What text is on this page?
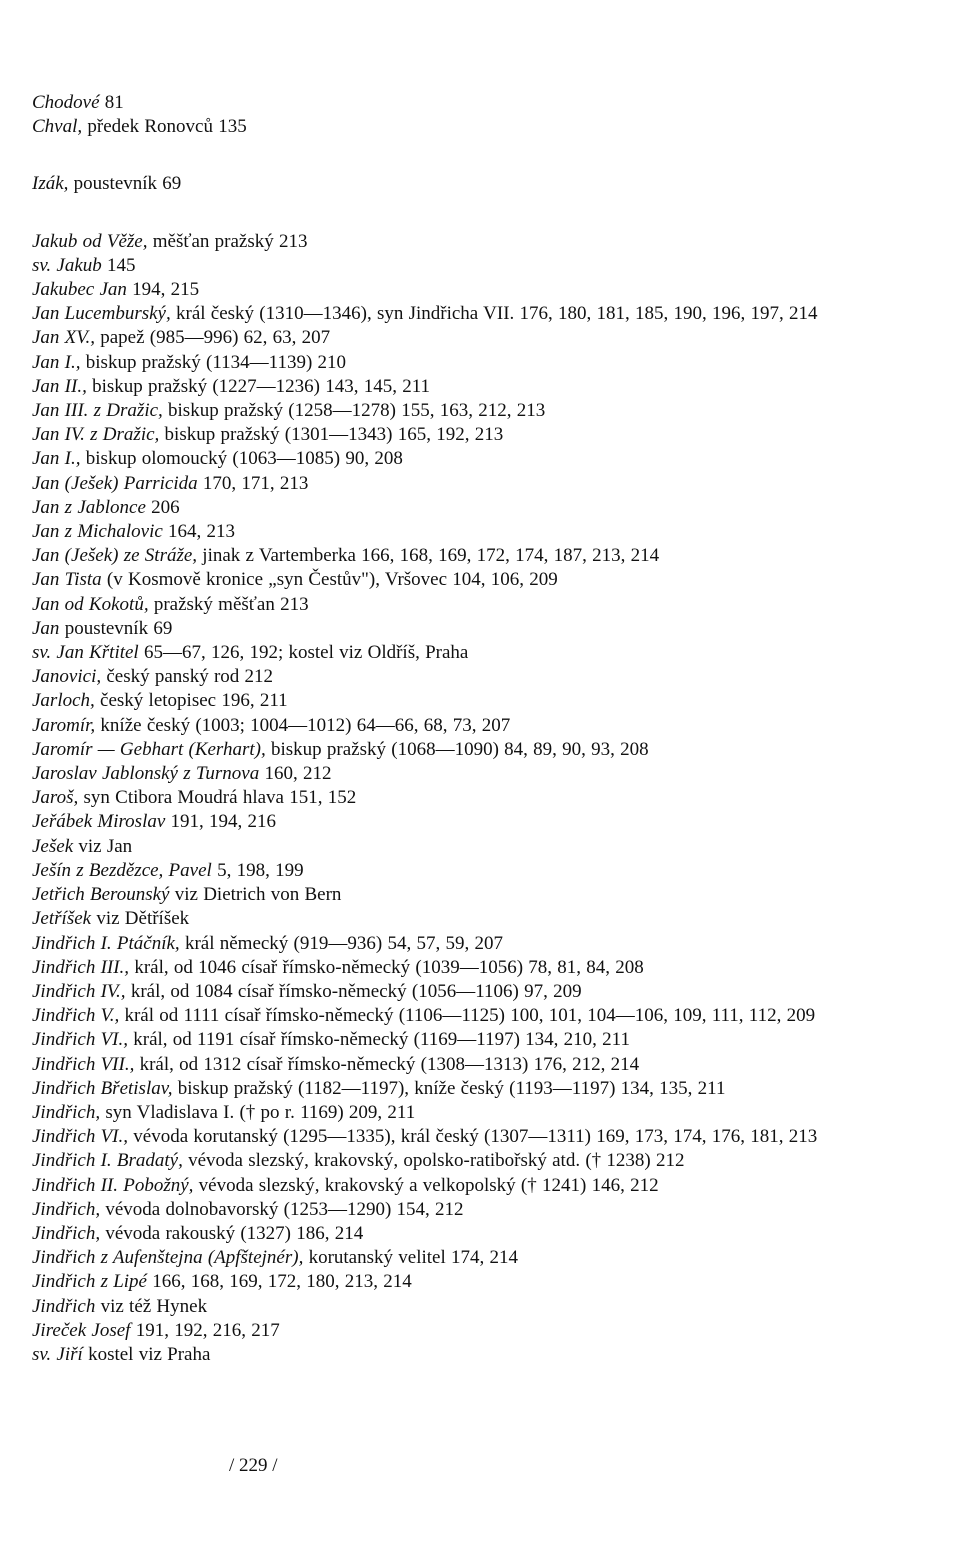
Chodové 81
Chval, předek Ronovců 135
Izák, poustevník 69
Jakub od Věže, měšťan pražský 213
sv. Jakub 145
Jakubec Jan 194, 215
Jan Lucemburský, král český (1310—1346), syn Jindřicha VII. 176, 180, 181, 185, 190, 196, 197, 214
Jan XV., papež (985—996) 62, 63, 207
Jan I., biskup pražský (1134—1139) 210
Jan II., biskup pražský (1227—1236) 143, 145, 211
Jan III. z Dražic, biskup pražský (1258—1278) 155, 163, 212, 213
Jan IV. z Dražic, biskup pražský (1301—1343) 165, 192, 213
Jan I., biskup olomoucký (1063—1085) 90, 208
Jan (Ješek) Parricida 170, 171, 213
Jan z Jablonce 206
Jan z Michalovic 164, 213
Jan (Ješek) ze Stráže, jinak z Vartemberka 166, 168, 169, 172, 174, 187, 213, 214
Jan Tista (v Kosmově kronice „syn Čestův"), Vršovec 104, 106, 209
Jan od Kokotů, pražský měšťan 213
Jan poustevník 69
sv. Jan Křtitel 65—67, 126, 192; kostel viz Oldříš, Praha
Janovici, český panský rod 212
Jarloch, český letopisec 196, 211
Jaromír, kníže český (1003; 1004—1012) 64—66, 68, 73, 207
Jaromír — Gebhart (Kerhart), biskup pražský (1068—1090) 84, 89, 90, 93, 208
Jaroslav Jablonský z Turnova 160, 212
Jaroš, syn Ctibora Moudrá hlava 151, 152
Jeřábek Miroslav 191, 194, 216
Ješek viz Jan
Ješín z Bezdězce, Pavel 5, 198, 199
Jetřich Berounský viz Dietrich von Bern
Jetříšek viz Dětříšek
Jindřich I. Ptáčník, král německý (919—936) 54, 57, 59, 207
Jindřich III., král, od 1046 císař římsko-německý (1039—1056) 78, 81, 84, 208
Jindřich IV., král, od 1084 císař římsko-německý (1056—1106) 97, 209
Jindřich V., král od 1111 císař římsko-německý (1106—1125) 100, 101, 104—106, 109, 111, 112, 209
Jindřich VI., král, od 1191 císař římsko-německý (1169—1197) 134, 210, 211
Jindřich VII., král, od 1312 císař římsko-německý (1308—1313) 176, 212, 214
Jindřich Břetislav, biskup pražský (1182—1197), kníže český (1193—1197) 134, 135, 211
Jindřich, syn Vladislava I. († po r. 1169) 209, 211
Jindřich VI., vévoda korutanský (1295—1335), král český (1307—1311) 169, 173, 174, 176, 181, 213
Jindřich I. Bradatý, vévoda slezský, krakovský, opolsko-ratibořský atd. († 1238) 212
Jindřich II. Pobožný, vévoda slezský, krakovský a velkopolský († 1241) 146, 212
Jindřich, vévoda dolnobavorský (1253—1290) 154, 212
Jindřich, vévoda rakouský (1327) 186, 214
Jindřich z Aufenštejna (Apfštejnér), korutanský velitel 174, 214
Jindřich z Lipé 166, 168, 169, 172, 180, 213, 214
Jindřich viz též Hynek
Jireček Josef 191, 192, 216, 217
sv. Jiří kostel viz Praha
/ 229 /
